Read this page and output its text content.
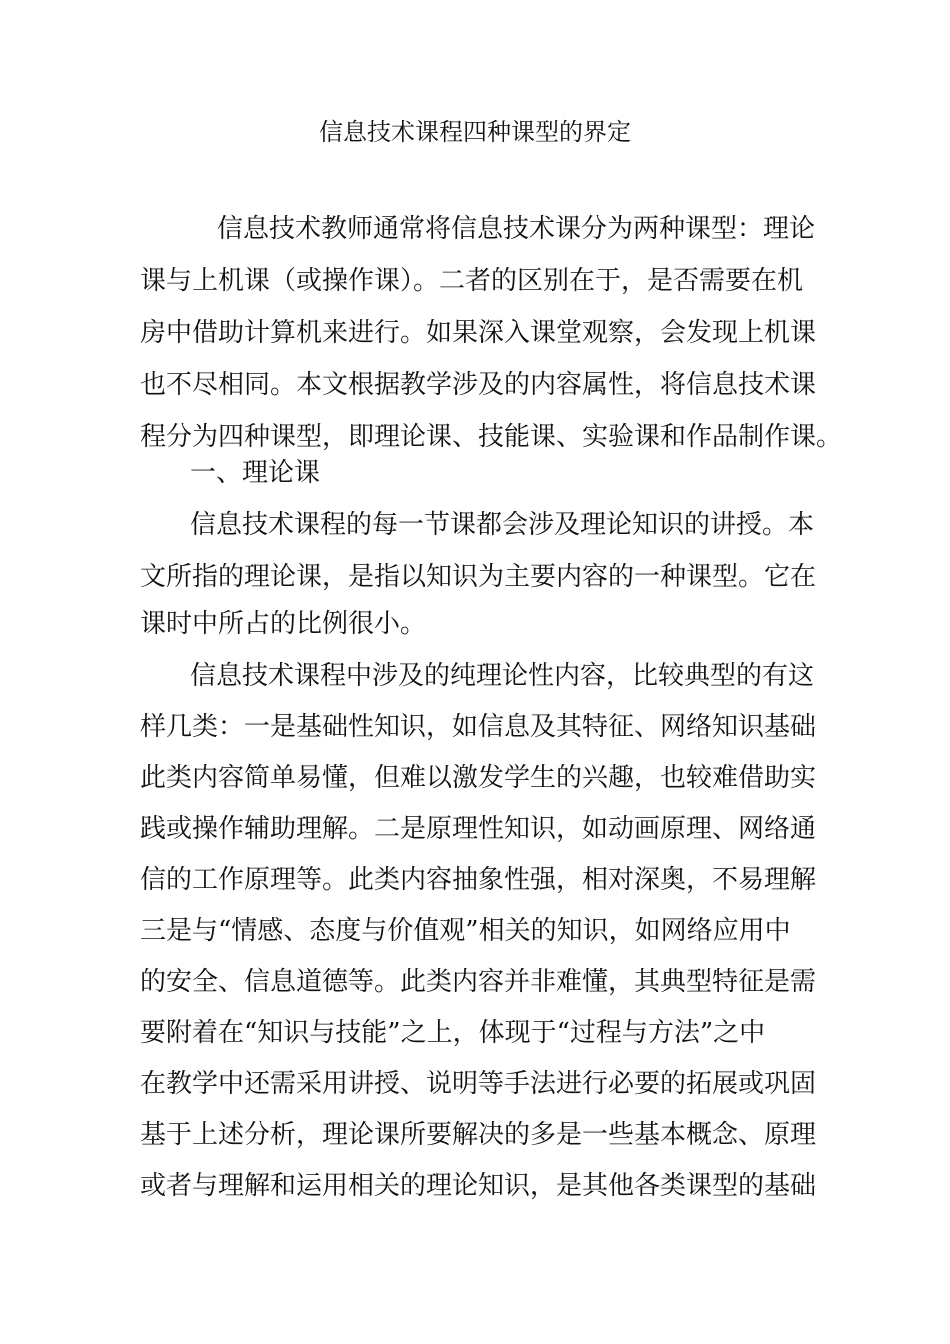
信息技术课程四种课型的界定
信息技术教师通常将信息技术课分为两种课型：理论
课与上机课（或操作课）。二者的区别在于，是否需要在机
房中借助计算机来进行。如果深入课堂观察，会发现上机课
也不尽相同。本文根据教学涉及的内容属性，将信息技术课
程分为四种课型，即理论课、技能课、实验课和作品制作课。
一、理论课
信息技术课程的每一节课都会涉及理论知识的讲授。本
文所指的理论课，是指以知识为主要内容的一种课型。它在
课时中所占的比例很小。
信息技术课程中涉及的纯理论性内容，比较典型的有这
样几类：一是基础性知识，如信息及其特征、网络知识基础
此类内容简单易懂，但难以激发学生的兴趣，也较难借助实
践或操作辅助理解。二是原理性知识，如动画原理、网络通
信的工作原理等。此类内容抽象性强，相对深奥，不易理解
三是与“情感、态度与价值观”相关的知识，如网络应用中
的安全、信息道德等。此类内容并非难懂，其典型特征是需
要附着在“知识与技能”之上，体现于“过程与方法”之中
在教学中还需采用讲授、说明等手法进行必要的拓展或巩固
基于上述分析，理论课所要解决的多是一些基本概念、原理
或者与理解和运用相关的理论知识，是其他各类课型的基础
